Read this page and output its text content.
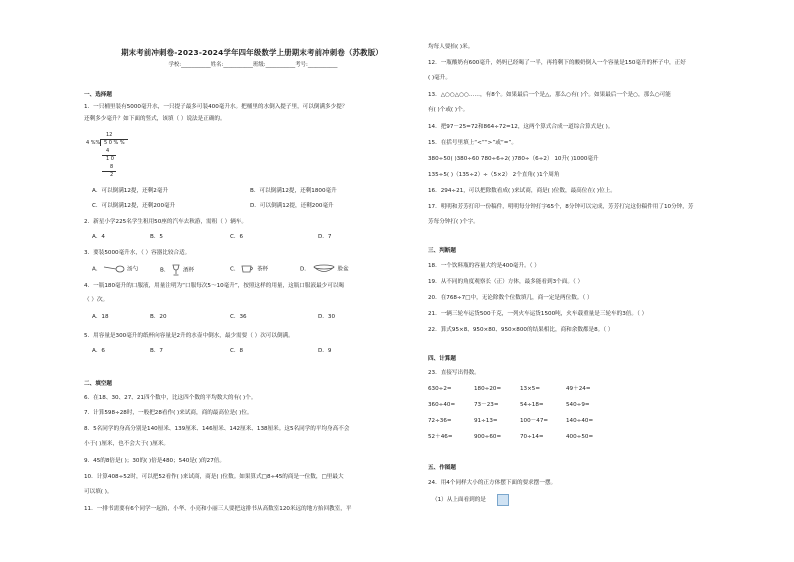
期末考前冲刺卷-2023-2024学年四年级数学上册期末考前冲刺卷（苏教版）
学校:___________姓名:___________班级:___________考号:___________
一、选择题
1．一只桶里装有5000毫升水，一只提子最多可装400毫升水。把桶里的水倒入提子里，可以倒满多少提？
还剩多少毫升？如下面的竖式，该填（ ）说法是正确的。
12
4 %% 5 0 % %
4
1 0
8
2
A．可以倒满12提，还剩2毫升	B．可以倒满12提，还剩1800毫升
C．可以倒满12提，还剩200毫升	D．可以倒满12提，还剩200毫升
2．新星小学225名学生租用50座的汽车去秋游，需租（ ）辆车。
A．4	B．5	C．6	D．7
3．要装5000毫升水，（ ）容器比较合适。
A．	汤勺	B． 酒杯	C．	茶杯	D．	脸盆
4．一瓶180毫升的口服液，用量注明为“口服每次5～10毫升”，按照这样的用量，这瓶口服液最少可以喝
（ ）次。
A．18	B．20	C．36	D．30
5．用容量是300毫升的纸杯向容量是2升的水壶中倒水，最少需要（ ）次可以倒满。
A．6	B．7	C．8	D．9
二、填空题
6．在18、30、27、21四个数中，比这四个数的平均数大的有( )个。
7．计算598÷28时，一般把28看作( )来试商，商的最高位是( )位。
8．5名同学的身高分别是140厘米、139厘米、146厘米、142厘米、138厘米。这5名同学的平均身高不会
小于( )厘米，也不会大于( )厘米。
9．45的8倍是( )；30的( )倍是480；540是( )的27倍。
10．计算408÷52时，可以把52看作( )来试商，商是( )位数。如果算式□8÷45的商是一位数，□里最大
可以填( )。
11．一排书需要有6个同学一起抬，小华、小亮和小丽三人要把这排书从高数室120米远的地方抬回教室，平
均每人要抬( )米。
12．一瓶酸奶有600毫升，妈妈已经喝了一半，再将剩下的酸奶倒入一个容量是150毫升的杯子中，正好
( )毫升。
13．△○○△○○……，有8个。如果最后一个是△，那么○有( )个。如果最后一个是○，那么○可能
有( )个或( )个。
14．把97－25=72和864÷72=12，这两个算式合成一道综合算式是( )。
15．在括号里填上“<”“>”或“=”。
380÷50( )380÷60 780÷6÷2( )780÷（6÷2） 10升( )1000毫升
135÷5( )（135÷2）÷（5×2） 2个直角( )1个周角
16．294÷21，可以把除数看成( )来试商，商是( )位数，最高位在( )位上。
17．明明和芳芳打印一份稿件，明明每分钟打字65个，8分钟可以完成，芳芳打完这份稿件用了10分钟，芳
芳每分钟打( )个字。
三、判断题
18．一个饮料瓶的容量大约是400毫升。（ ）
19．从不同的角度观察长（正）方体，最多能看到3个面。（ ）
20．在768÷7□中，无论除数个位数填几，商一定是两位数。（ ）
21．一辆三轮车运货500千克，一列火车运货1500吨，火车载重量是三轮车的3倍。（ ）
22．算式95×8、950×80、950×800的结果相比，商和余数都是8。（ ）
四、计算题
23．直接写出得数。
630÷2=	180÷20=	13×5=	49＋24=
360÷40=	73－23=	54÷18=	540÷9=
72÷36=	91÷13=	100－47=	140÷40=
52＋46=	900÷60=	70÷14=	400÷50=
五、作图题
24．用4个同样大小的正方体摆下面的要求摆一摆。
（1）从上面看到的是
